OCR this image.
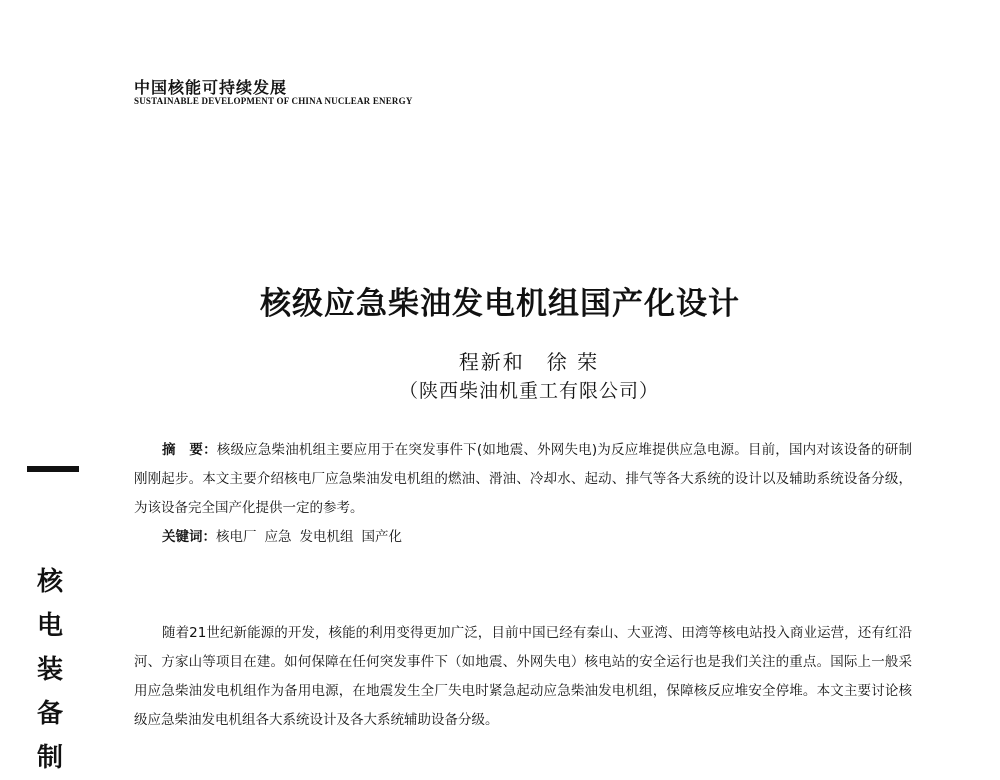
中国核能可持续发展
SUSTAINABLE DEVELOPMENT OF CHINA NUCLEAR ENERGY
核级应急柴油发电机组国产化设计
程新和　徐 荣
（陕西柴油机重工有限公司）
摘　要：核级应急柴油机组主要应用于在突发事件下(如地震、外网失电)为反应堆提供应急电源。目前，国内对该设备的研制刚刚起步。本文主要介绍核电厂应急柴油发电机组的燃油、滑油、冷却水、起动、排气等各大系统的设计以及辅助系统设备分级，为该设备完全国产化提供一定的参考。
关键词：核电厂 应急 发电机组 国产化
随着21世纪新能源的开发，核能的利用变得更加广泛，目前中国已经有秦山、大亚湾、田湾等核电站投入商业运营，还有红沿河、方家山等项目在建。如何保障在任何突发事件下（如地震、外网失电）核电站的安全运行也是我们关注的重点。国际上一般采用应急柴油发电机组作为备用电源，在地震发生全厂失电时紧急起动应急柴油发电机组，保障核反应堆安全停堆。本文主要讨论核级应急柴油发电机组各大系统设计及各大系统辅助设备分级。
核
电
装
备
制
